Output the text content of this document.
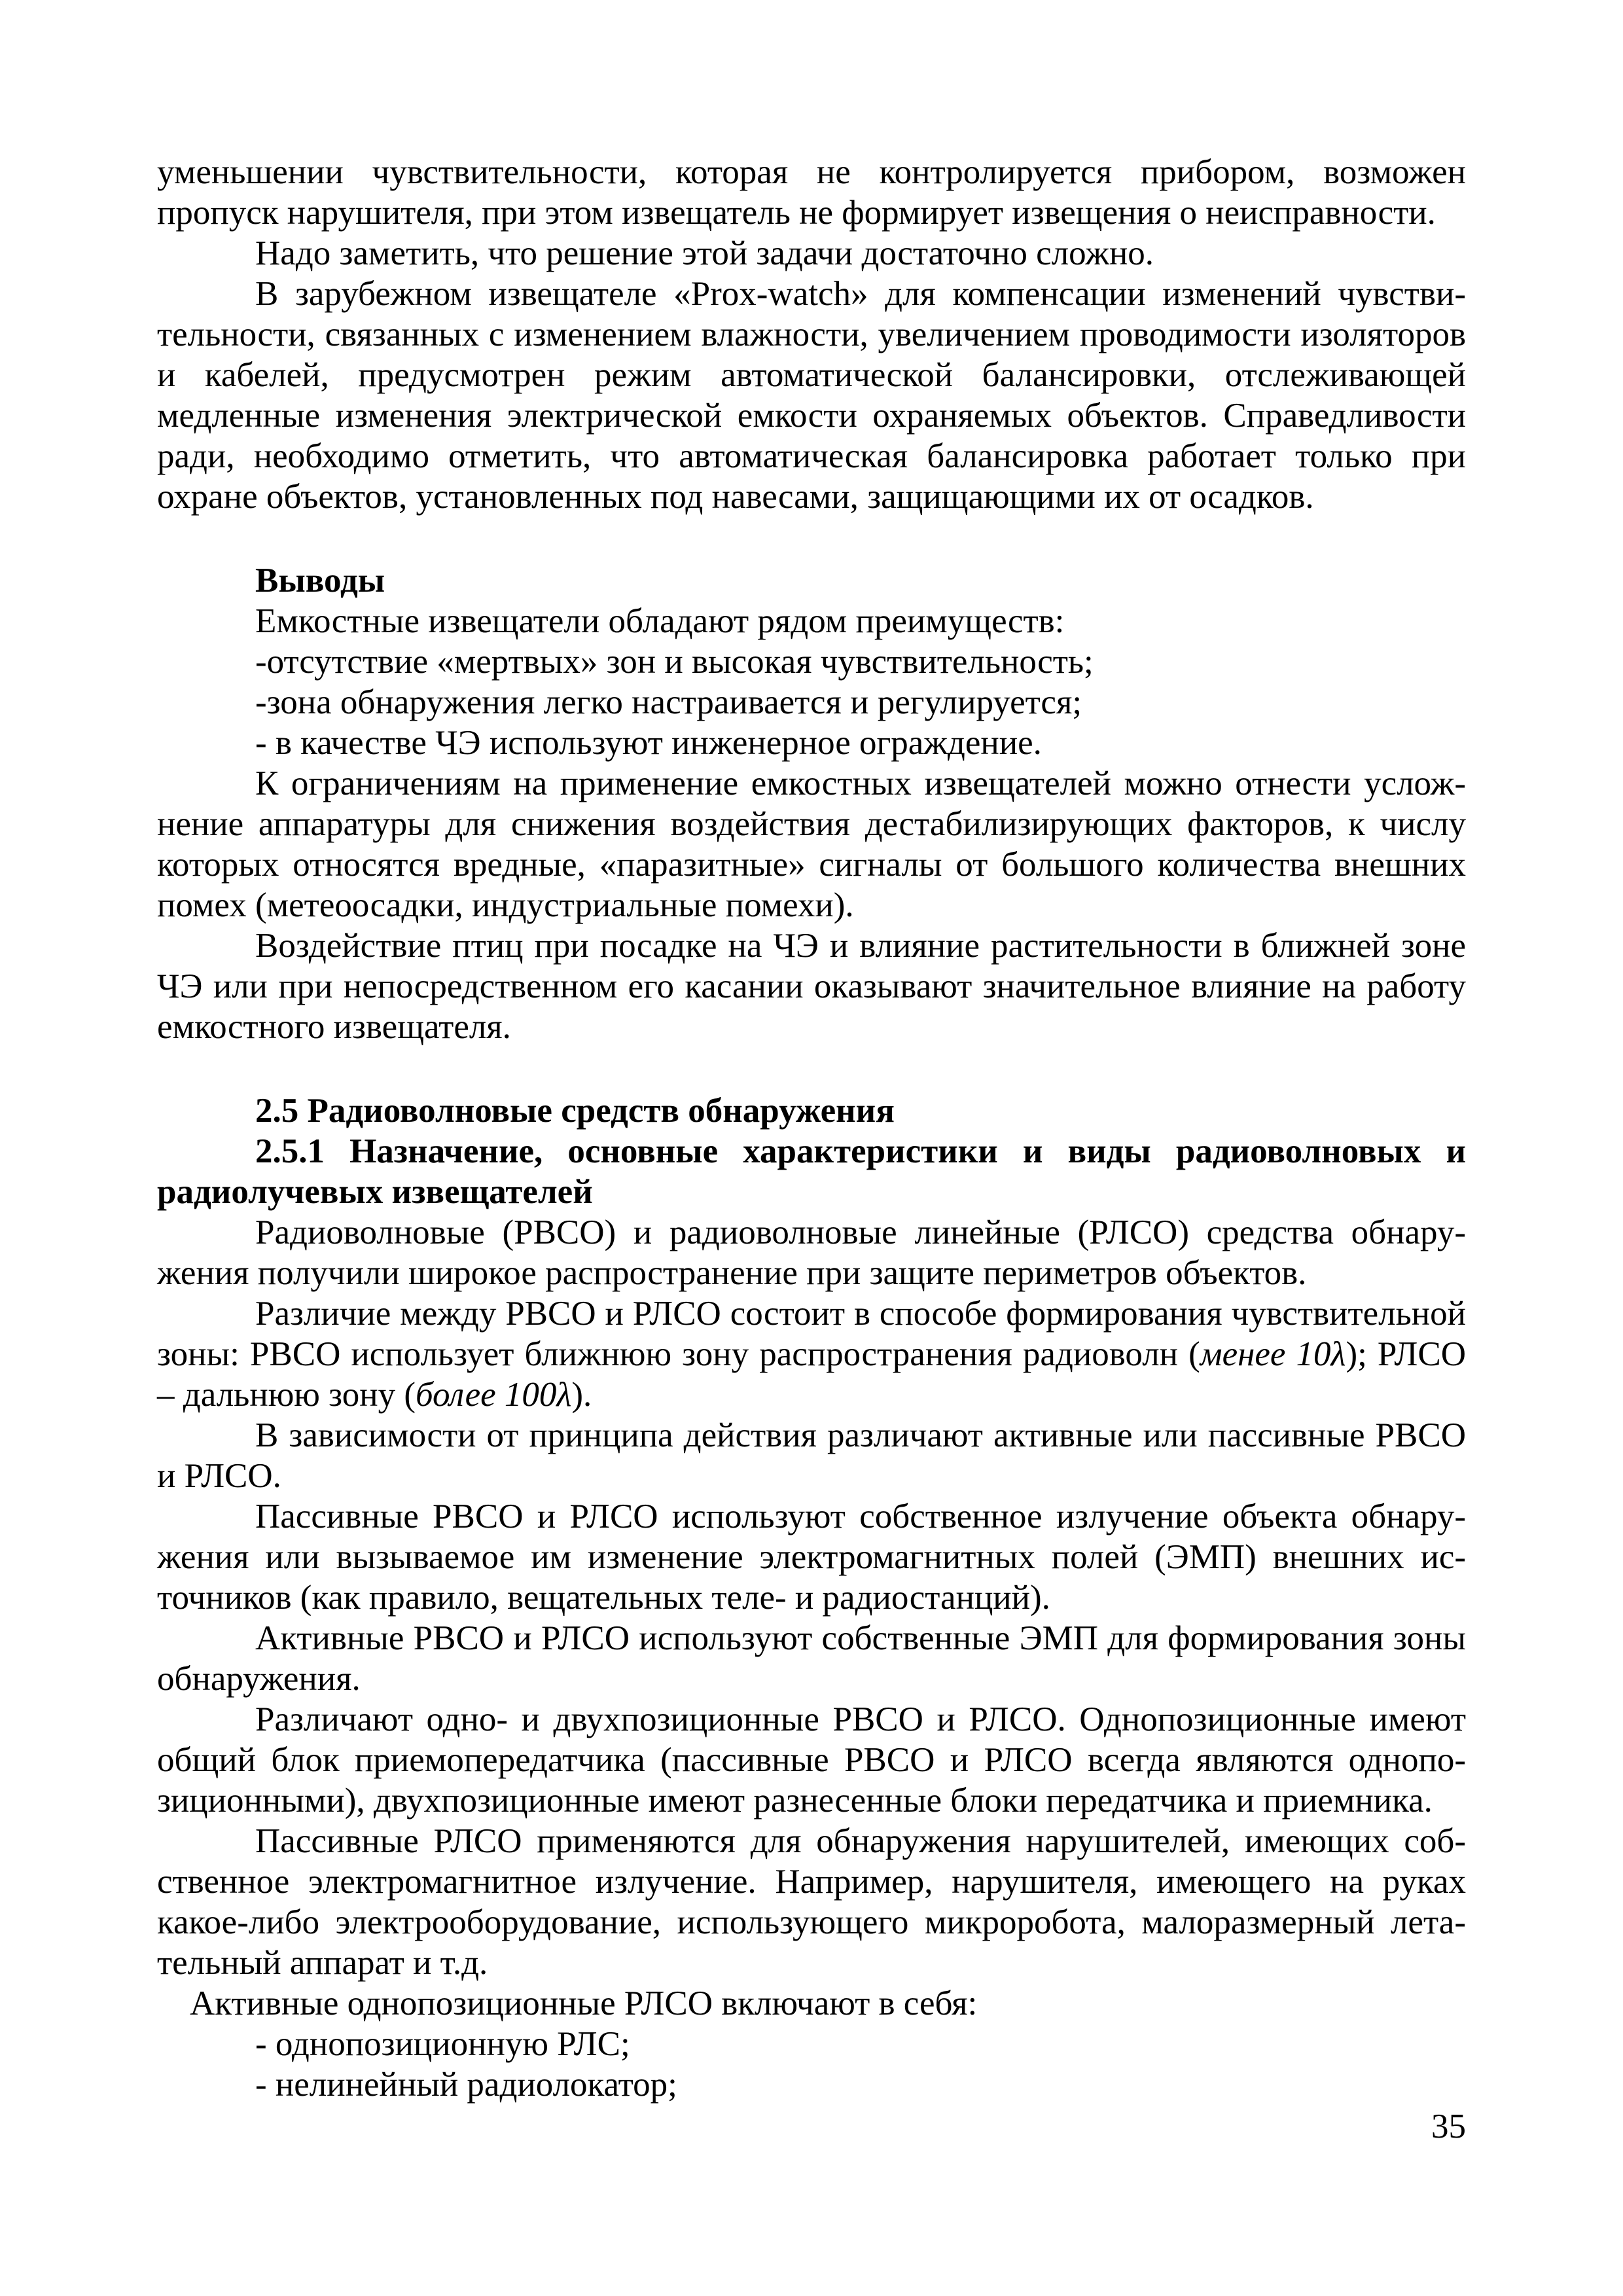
уменьшении чувствительности, которая не контролируется прибором, возможен пропуск нарушителя, при этом извещатель не формирует извещения о неисправности.

Надо заметить, что решение этой задачи достаточно сложно.

В зарубежном извещателе «Prox-watch» для компенсации изменений чувствительности, связанных с изменением влажности, увеличением проводимости изоляторов и кабелей, предусмотрен режим автоматической балансировки, отслеживающей медленные изменения электрической емкости охраняемых объектов. Справедливости ради, необходимо отметить, что автоматическая балансировка работает только при охране объектов, установленных под навесами, защищающими их от осадков.

Выводы

Емкостные извещатели обладают рядом преимуществ:

-отсутствие «мертвых» зон и высокая чувствительность;

-зона обнаружения легко настраивается и регулируется;

- в качестве ЧЭ используют инженерное ограждение.

К ограничениям на применение емкостных извещателей можно отнести усложнение аппаратуры для снижения воздействия дестабилизирующих факторов, к числу которых относятся вредные, «паразитные» сигналы от большого количества внешних помех (метеоосадки, индустриальные помехи).

Воздействие птиц при посадке на ЧЭ и влияние растительности в ближней зоне ЧЭ или при непосредственном его касании оказывают значительное влияние на работу емкостного извещателя.

2.5 Радиоволновые средств обнаружения

2.5.1 Назначение, основные характеристики и виды радиоволновых и радиолучевых извещателей

Радиоволновые (РВСО) и радиоволновые линейные (РЛСО) средства обнаружения получили широкое распространение при защите периметров объектов.

Различие между РВСО и РЛСО состоит в способе формирования чувствительной зоны: РВСО использует ближнюю зону распространения радиоволн (менее 10λ); РЛСО – дальнюю зону (более 100λ).

В зависимости от принципа действия различают активные или пассивные РВСО и РЛСО.

Пассивные РВСО и РЛСО используют собственное излучение объекта обнаружения или вызываемое им изменение электромагнитных полей (ЭМП) внешних источников (как правило, вещательных теле- и радиостанций).

Активные РВСО и РЛСО используют собственные ЭМП для формирования зоны обнаружения.

Различают одно- и двухпозиционные РВСО и РЛСО. Однопозиционные имеют общий блок приемопередатчика (пассивные РВСО и РЛСО всегда являются однопозиционными), двухпозиционные имеют разнесенные блоки передатчика и приемника.

Пассивные РЛСО применяются для обнаружения нарушителей, имеющих собственное электромагнитное излучение. Например, нарушителя, имеющего на руках какое-либо электрооборудование, использующего микроробота, малоразмерный летательный аппарат и т.д.

Активные однопозиционные РЛСО включают в себя:

- однопозиционную РЛС;

- нелинейный радиолокатор;

35
